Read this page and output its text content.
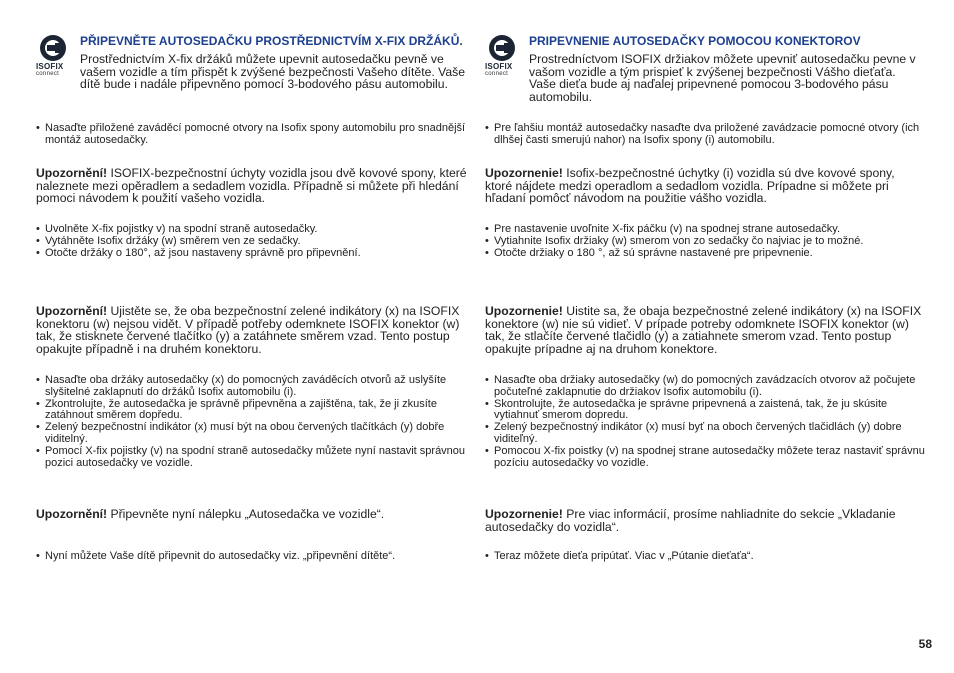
ISOFIX
connect

PŘIPEVNĚTE AUTOSEDAČKU PROSTŘEDNICTVÍM X-FIX DRŽÁKŮ.

Prostřednictvím X-fix držáků můžete upevnit autosedačku pevně ve vašem vozidle a tím přispět k zvýšené bezpečnosti Vašeho dítěte. Vaše dítě bude i nadále připevněno pomocí 3-bodového pásu automobilu.

• Nasaďte přiložené zaváděcí pomocné otvory na Isofix spony automobilu pro snadnější montáž autosedačky.

Upozornění! ISOFIX-bezpečnostní úchyty vozidla jsou dvě kovové spony, které naleznete mezi opěradlem a sedadlem vozidla. Případně si můžete při hledání pomoci návodem k použití vašeho vozidla.

• Uvolněte X-fix pojistky v) na spodní straně autosedačky.
• Vytáhněte Isofix držáky (w) směrem ven ze sedačky.
• Otočte držáky o 180°, až jsou nastaveny správně pro připevnění.

Upozornění! Ujistěte se, že oba bezpečnostní zelené indikátory (x) na ISOFIX konektoru (w) nejsou vidět. V případě potřeby odemknete ISOFIX konektor (w) tak, že stisknete červené tlačítko (y) a zatáhnete směrem vzad. Tento postup opakujte případně i na druhém konektoru.

• Nasaďte oba držáky autosedačky (x) do pomocných zaváděcích otvorů až uslyšíte slyšitelné zaklapnutí do držáků Isofix automobilu (i).
• Zkontrolujte, že autosedačka je správně připevněna a zajištěna, tak, že ji zkusíte zatáhnout směrem dopředu.
• Zelený bezpečnostní indikátor (x) musí být na obou červených tlačítkách (y) dobře viditelný.
• Pomocí X-fix pojistky (v) na spodní straně autosedačky můžete nyní nastavit správnou pozici autosedačky ve vozidle.

Upozornění! Připevněte nyní nálepku „Autosedačka ve vozidle“.

• Nyní můžete Vaše dítě připevnit do autosedačky viz. „připevnění dítěte“.
ISOFIX
connect

PRIPEVNENIE AUTOSEDAČKY POMOCOU KONEKTOROV

Prostredníctvom ISOFIX držiakov môžete upevniť autosedačku pevne v vašom vozidle a tým prispieť k zvýšenej bezpečnosti Vášho dieťaťa. Vaše dieťa bude aj naďalej pripevnené pomocou 3-bodového pásu automobilu.

• Pre ľahšiu montáž autosedačky nasaďte dva priložené zavádzacie pomocné otvory (ich dlhšej časti smerujú nahor) na Isofix spony (i) automobilu.

Upozornenie! Isofix-bezpečnostné úchytky (i) vozidla sú dve kovové spony, ktoré nájdete medzi operadlom a sedadlom vozidla. Prípadne si môžete pri hľadaní pomôcť návodom na použitie vášho vozidla.

• Pre nastavenie uvoľnite X-fix páčku (v) na spodnej strane autosedačky.
• Vytiahnite Isofix držiaky (w) smerom von zo sedačky čo najviac je to možné.
• Otočte držiaky o 180 °, až sú správne nastavené pre pripevnenie.

Upozornenie! Uistite sa, že obaja bezpečnostné zelené indikátory (x) na ISOFIX konektore (w) nie sú vidieť. V prípade potreby odomknete ISOFIX konektor (w) tak, že stlačíte červené tlačidlo (y) a zatiahnete smerom vzad. Tento postup opakujte prípadne aj na druhom konektore.

• Nasaďte oba držiaky autosedačky (w) do pomocných zavádzacích otvorov až počujete počuteľné zaklapnutie do držiakov Isofix automobilu (i).
• Skontrolujte, že autosedačka je správne pripevnená a zaistená, tak, že ju skúsite vytiahnuť smerom dopredu.
• Zelený bezpečnostný indikátor (x) musí byť na oboch červených tlačidlách (y) dobre viditeľný.
• Pomocou X-fix poistky (v) na spodnej strane autosedačky môžete teraz nastaviť správnu pozíciu autosedačky vo vozidle.

Upozornenie! Pre viac informácií, prosíme nahliadnite do sekcie „Vkladanie autosedačky do vozidla“.

• Teraz môžete dieťa pripútať. Viac v „Pútanie dieťaťa“.
58
